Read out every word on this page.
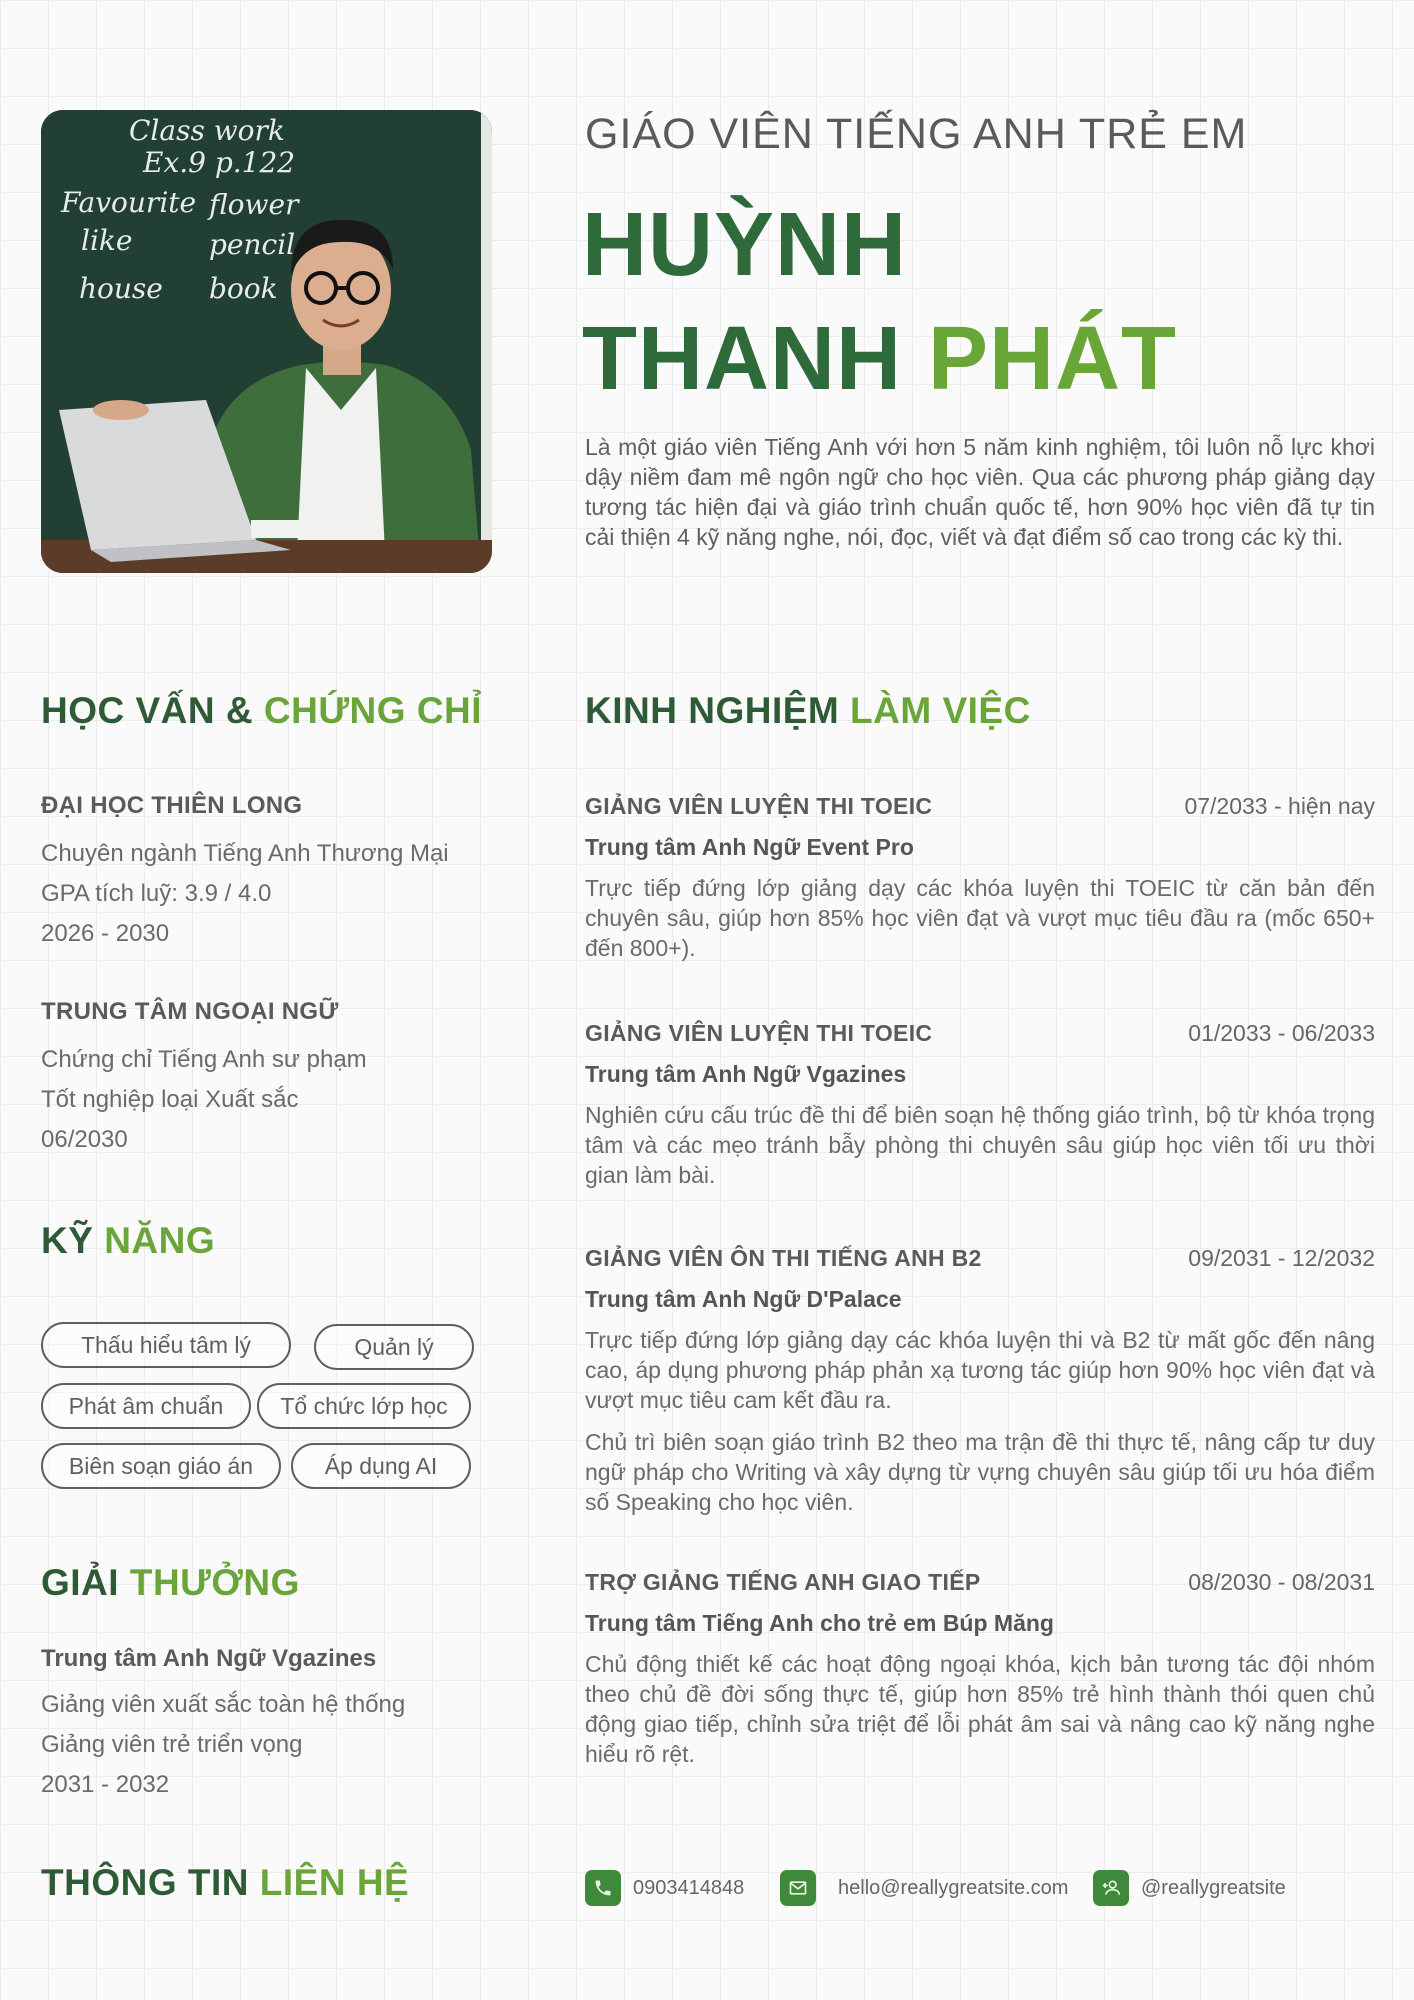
Class work
Ex.9 p.122
Favourite flower
like	pencil
house book
GIÁO VIÊN TIẾNG ANH TRẺ EM
HUỲNH
THANH PHÁT
Là một giáo viên Tiếng Anh với hơn 5 năm kinh nghiệm, tôi luôn nỗ lực khơi dậy niềm đam mê ngôn ngữ cho học viên. Qua các phương pháp giảng dạy tương tác hiện đại và giáo trình chuẩn quốc tế, hơn 90% học viên đã tự tin cải thiện 4 kỹ năng nghe, nói, đọc, viết và đạt điểm số cao trong các kỳ thi.
HỌC VẤN & CHỨNG CHỈ
ĐẠI HỌC THIÊN LONG
Chuyên ngành Tiếng Anh Thương Mại
GPA tích luỹ: 3.9 / 4.0
2026 - 2030
TRUNG TÂM NGOẠI NGỮ
Chứng chỉ Tiếng Anh sư phạm
Tốt nghiệp loại Xuất sắc
06/2030
KỸ NĂNG
Thấu hiểu tâm lý	Quản lý
Phát âm chuẩn	Tổ chức lớp học
Biên soạn giáo án	Áp dụng AI
GIẢI THƯỞNG
Trung tâm Anh Ngữ Vgazines
Giảng viên xuất sắc toàn hệ thống
Giảng viên trẻ triển vọng
2031 - 2032
KINH NGHIỆM LÀM VIỆC
GIẢNG VIÊN LUYỆN THI TOEIC	07/2033 - hiện nay
Trung tâm Anh Ngữ Event Pro
Trực tiếp đứng lớp giảng dạy các khóa luyện thi TOEIC từ căn bản đến chuyên sâu, giúp hơn 85% học viên đạt và vượt mục tiêu đầu ra (mốc 650+ đến 800+).
GIẢNG VIÊN LUYỆN THI TOEIC	01/2033 - 06/2033
Trung tâm Anh Ngữ Vgazines
Nghiên cứu cấu trúc đề thi để biên soạn hệ thống giáo trình, bộ từ khóa trọng tâm và các mẹo tránh bẫy phòng thi chuyên sâu giúp học viên tối ưu thời gian làm bài.
GIẢNG VIÊN ÔN THI TIẾNG ANH B2	09/2031 - 12/2032
Trung tâm Anh Ngữ D'Palace
Trực tiếp đứng lớp giảng dạy các khóa luyện thi và B2 từ mất gốc đến nâng cao, áp dụng phương pháp phản xạ tương tác giúp hơn 90% học viên đạt và vượt mục tiêu cam kết đầu ra.
Chủ trì biên soạn giáo trình B2 theo ma trận đề thi thực tế, nâng cấp tư duy ngữ pháp cho Writing và xây dựng từ vựng chuyên sâu giúp tối ưu hóa điểm số Speaking cho học viên.
TRỢ GIẢNG TIẾNG ANH GIAO TIẾP	08/2030 - 08/2031
Trung tâm Tiếng Anh cho trẻ em Búp Măng
Chủ động thiết kế các hoạt động ngoại khóa, kịch bản tương tác đội nhóm theo chủ đề đời sống thực tế, giúp hơn 85% trẻ hình thành thói quen chủ động giao tiếp, chỉnh sửa triệt để lỗi phát âm sai và nâng cao kỹ năng nghe hiểu rõ rệt.
THÔNG TIN LIÊN HỆ	0903414848	hello@reallygreatsite.com	@reallygreatsite
